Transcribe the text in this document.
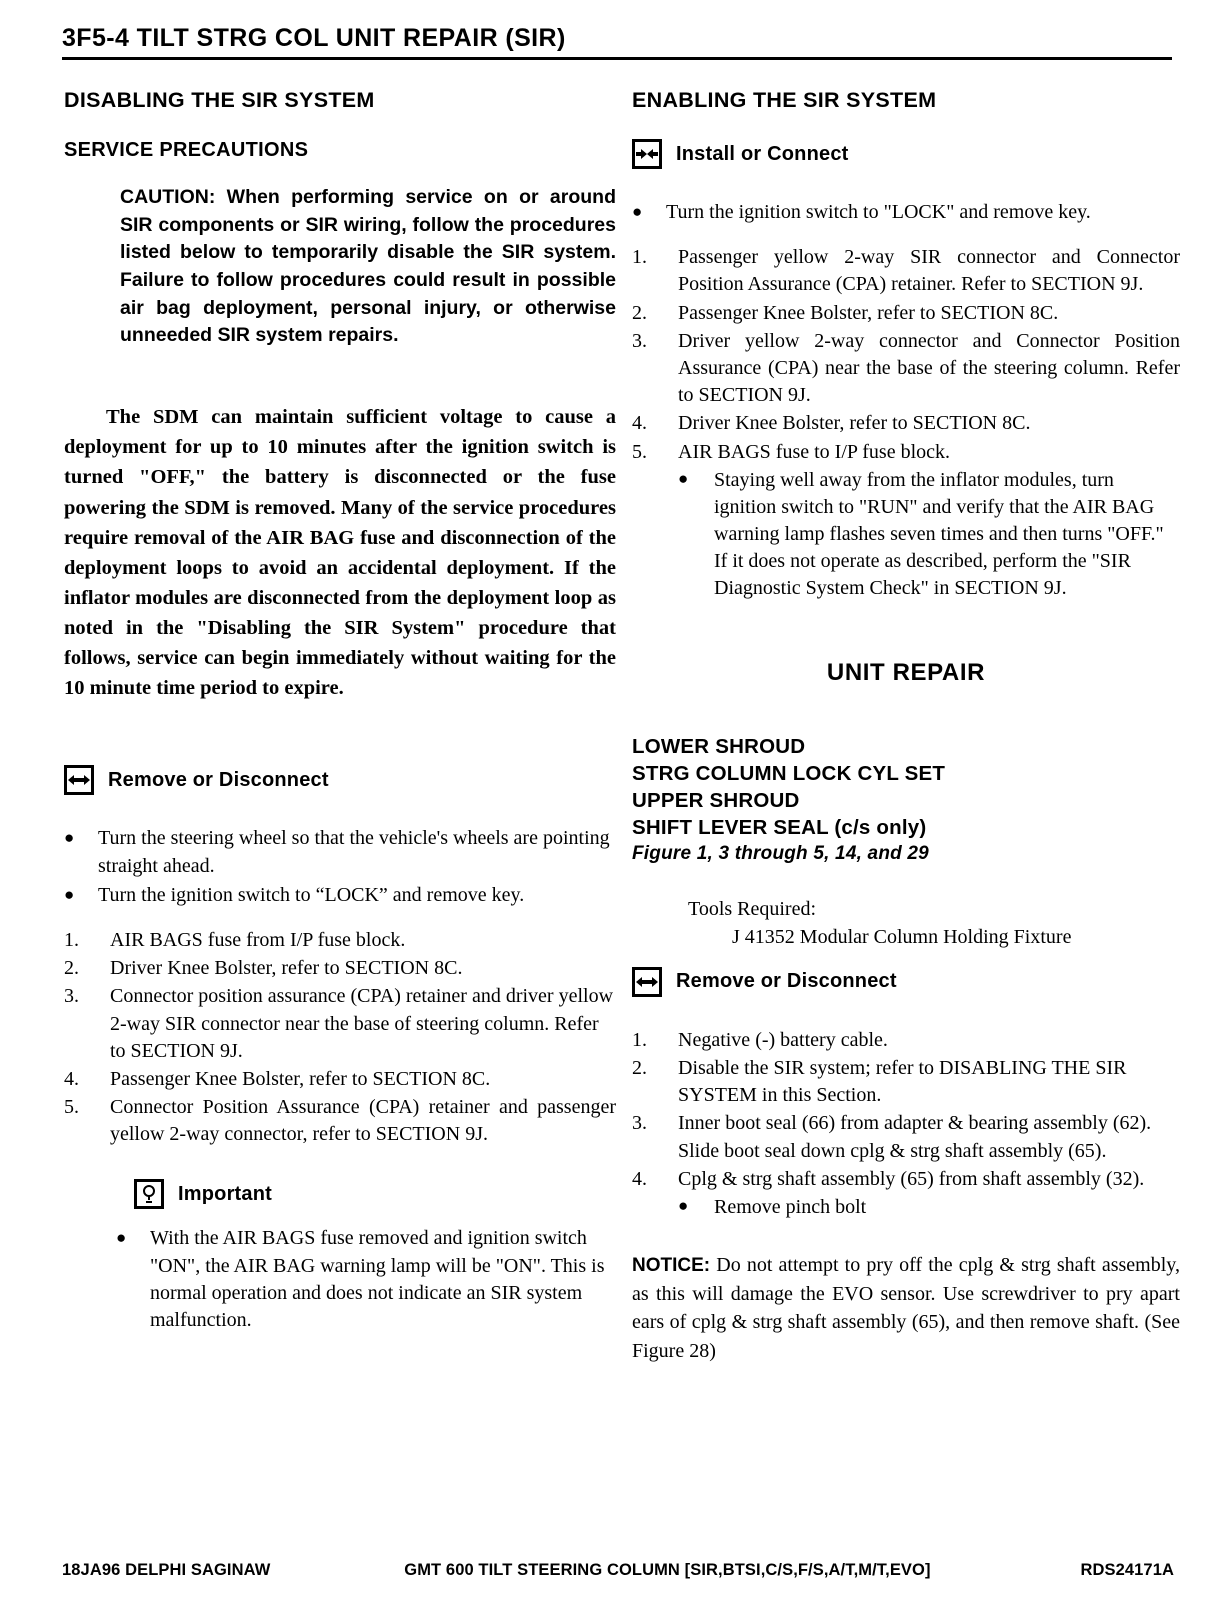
3F5-4 TILT STRG COL UNIT REPAIR (SIR)
DISABLING THE SIR SYSTEM
SERVICE PRECAUTIONS
CAUTION: When performing service on or around SIR components or SIR wiring, follow the procedures listed below to temporarily disable the SIR system. Failure to follow procedures could result in possible air bag deployment, personal injury, or otherwise unneeded SIR system repairs.
The SDM can maintain sufficient voltage to cause a deployment for up to 10 minutes after the ignition switch is turned "OFF," the battery is disconnected or the fuse powering the SDM is removed. Many of the service procedures require removal of the AIR BAG fuse and disconnection of the deployment loops to avoid an accidental deployment. If the inflator modules are disconnected from the deployment loop as noted in the "Disabling the SIR System" procedure that follows, service can begin immediately without waiting for the 10 minute time period to expire.
Remove or Disconnect
●	Turn the steering wheel so that the vehicle's wheels are pointing straight ahead.
●	Turn the ignition switch to “LOCK” and remove key.
1.	AIR BAGS fuse from I/P fuse block.
2.	Driver Knee Bolster, refer to SECTION 8C.
3.	Connector position assurance (CPA) retainer and driver yellow 2-way SIR connector near the base of steering column. Refer to SECTION 9J.
4.	Passenger Knee Bolster, refer to SECTION 8C.
5.	Connector Position Assurance (CPA) retainer and passenger yellow 2-way connector, refer to SECTION 9J.
Important
●	With the AIR BAGS fuse removed and ignition switch "ON", the AIR BAG warning lamp will be "ON". This is normal operation and does not indicate an SIR system malfunction.
ENABLING THE SIR SYSTEM
Install or Connect
●	Turn the ignition switch to "LOCK" and remove key.
1.	Passenger yellow 2-way SIR connector and Connector Position Assurance (CPA) retainer. Refer to SECTION 9J.
2.	Passenger Knee Bolster, refer to SECTION 8C.
3.	Driver yellow 2-way connector and Connector Position Assurance (CPA) near the base of the steering column. Refer to SECTION 9J.
4.	Driver Knee Bolster, refer to SECTION 8C.
5.	AIR BAGS fuse to I/P fuse block.
●	Staying well away from the inflator modules, turn ignition switch to "RUN" and verify that the AIR BAG warning lamp flashes seven times and then turns "OFF." If it does not operate as described, perform the "SIR Diagnostic System Check" in SECTION 9J.
UNIT REPAIR
LOWER SHROUD
STRG COLUMN LOCK CYL SET
UPPER SHROUD
SHIFT LEVER SEAL (c/s only)
Figure 1, 3 through 5, 14, and 29
Tools Required:
J 41352 Modular Column Holding Fixture
Remove or Disconnect
1.	Negative (-) battery cable.
2.	Disable the SIR system; refer to DISABLING THE SIR SYSTEM in this Section.
3.	Inner boot seal (66) from adapter & bearing assembly (62). Slide boot seal down cplg & strg shaft assembly (65).
4.	Cplg & strg shaft assembly (65) from shaft assembly (32).
●	Remove pinch bolt

NOTICE: Do not attempt to pry off the cplg & strg shaft assembly, as this will damage the EVO sensor. Use screwdriver to pry apart ears of cplg & strg shaft assembly (65), and then remove shaft. (See Figure 28)

18JA96 DELPHI SAGINAW	GMT 600 TILT STEERING COLUMN [SIR,BTSI,C/S,F/S,A/T,M/T,EVO]	RDS24171A
